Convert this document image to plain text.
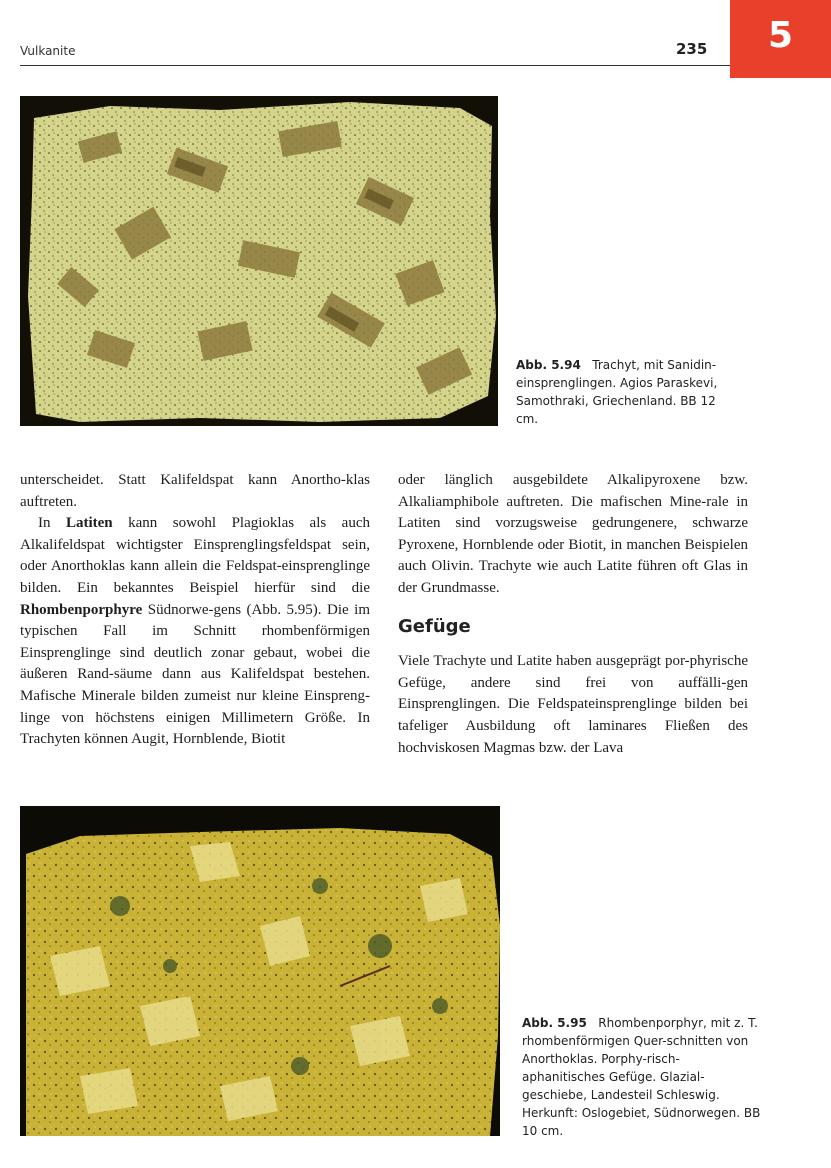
Vulkanite	235	5
Abb. 5.94 Trachyt, mit Sanidin-einsprenglingen. Agios Paraskevi, Samothraki, Griechenland. BB 12 cm.

unterscheidet. Statt Kalifeldspat kann Anortho-klas auftreten.

In Latiten kann sowohl Plagioklas als auch Alkalifeldspat wichtigster Einsprenglingsfeldspat sein, oder Anorthoklas kann allein die Feldspat-einsprenglinge bilden. Ein bekanntes Beispiel hierfür sind die Rhombenporphyre Südnorwe-gens (Abb. 5.95). Die im typischen Fall im Schnitt rhombenförmigen Einsprenglinge sind deutlich zonar gebaut, wobei die äußeren Rand-säume dann aus Kalifeldspat bestehen. Mafische Minerale bilden zumeist nur kleine Einspreng-linge von höchstens einigen Millimetern Größe. In Trachyten können Augit, Hornblende, Biotit

oder länglich ausgebildete Alkalipyroxene bzw. Alkaliamphibole auftreten. Die mafischen Mine-rale in Latiten sind vorzugsweise gedrungenere, schwarze Pyroxene, Hornblende oder Biotit, in manchen Beispielen auch Olivin. Trachyte wie auch Latite führen oft Glas in der Grundmasse.

Gefüge

Viele Trachyte und Latite haben ausgeprägt por-phyrische Gefüge, andere sind frei von auffälli-gen Einsprenglingen. Die Feldspateinsprenglinge bilden bei tafeliger Ausbildung oft laminares Fließen des hochviskosen Magmas bzw. der Lava

Abb. 5.95 Rhombenporphyr, mit z. T. rhombenförmigen Quer-schnitten von Anorthoklas. Porphy-risch-aphanitisches Gefüge. Glazial-geschiebe, Landesteil Schleswig. Herkunft: Oslogebiet, Südnorwegen. BB 10 cm.
